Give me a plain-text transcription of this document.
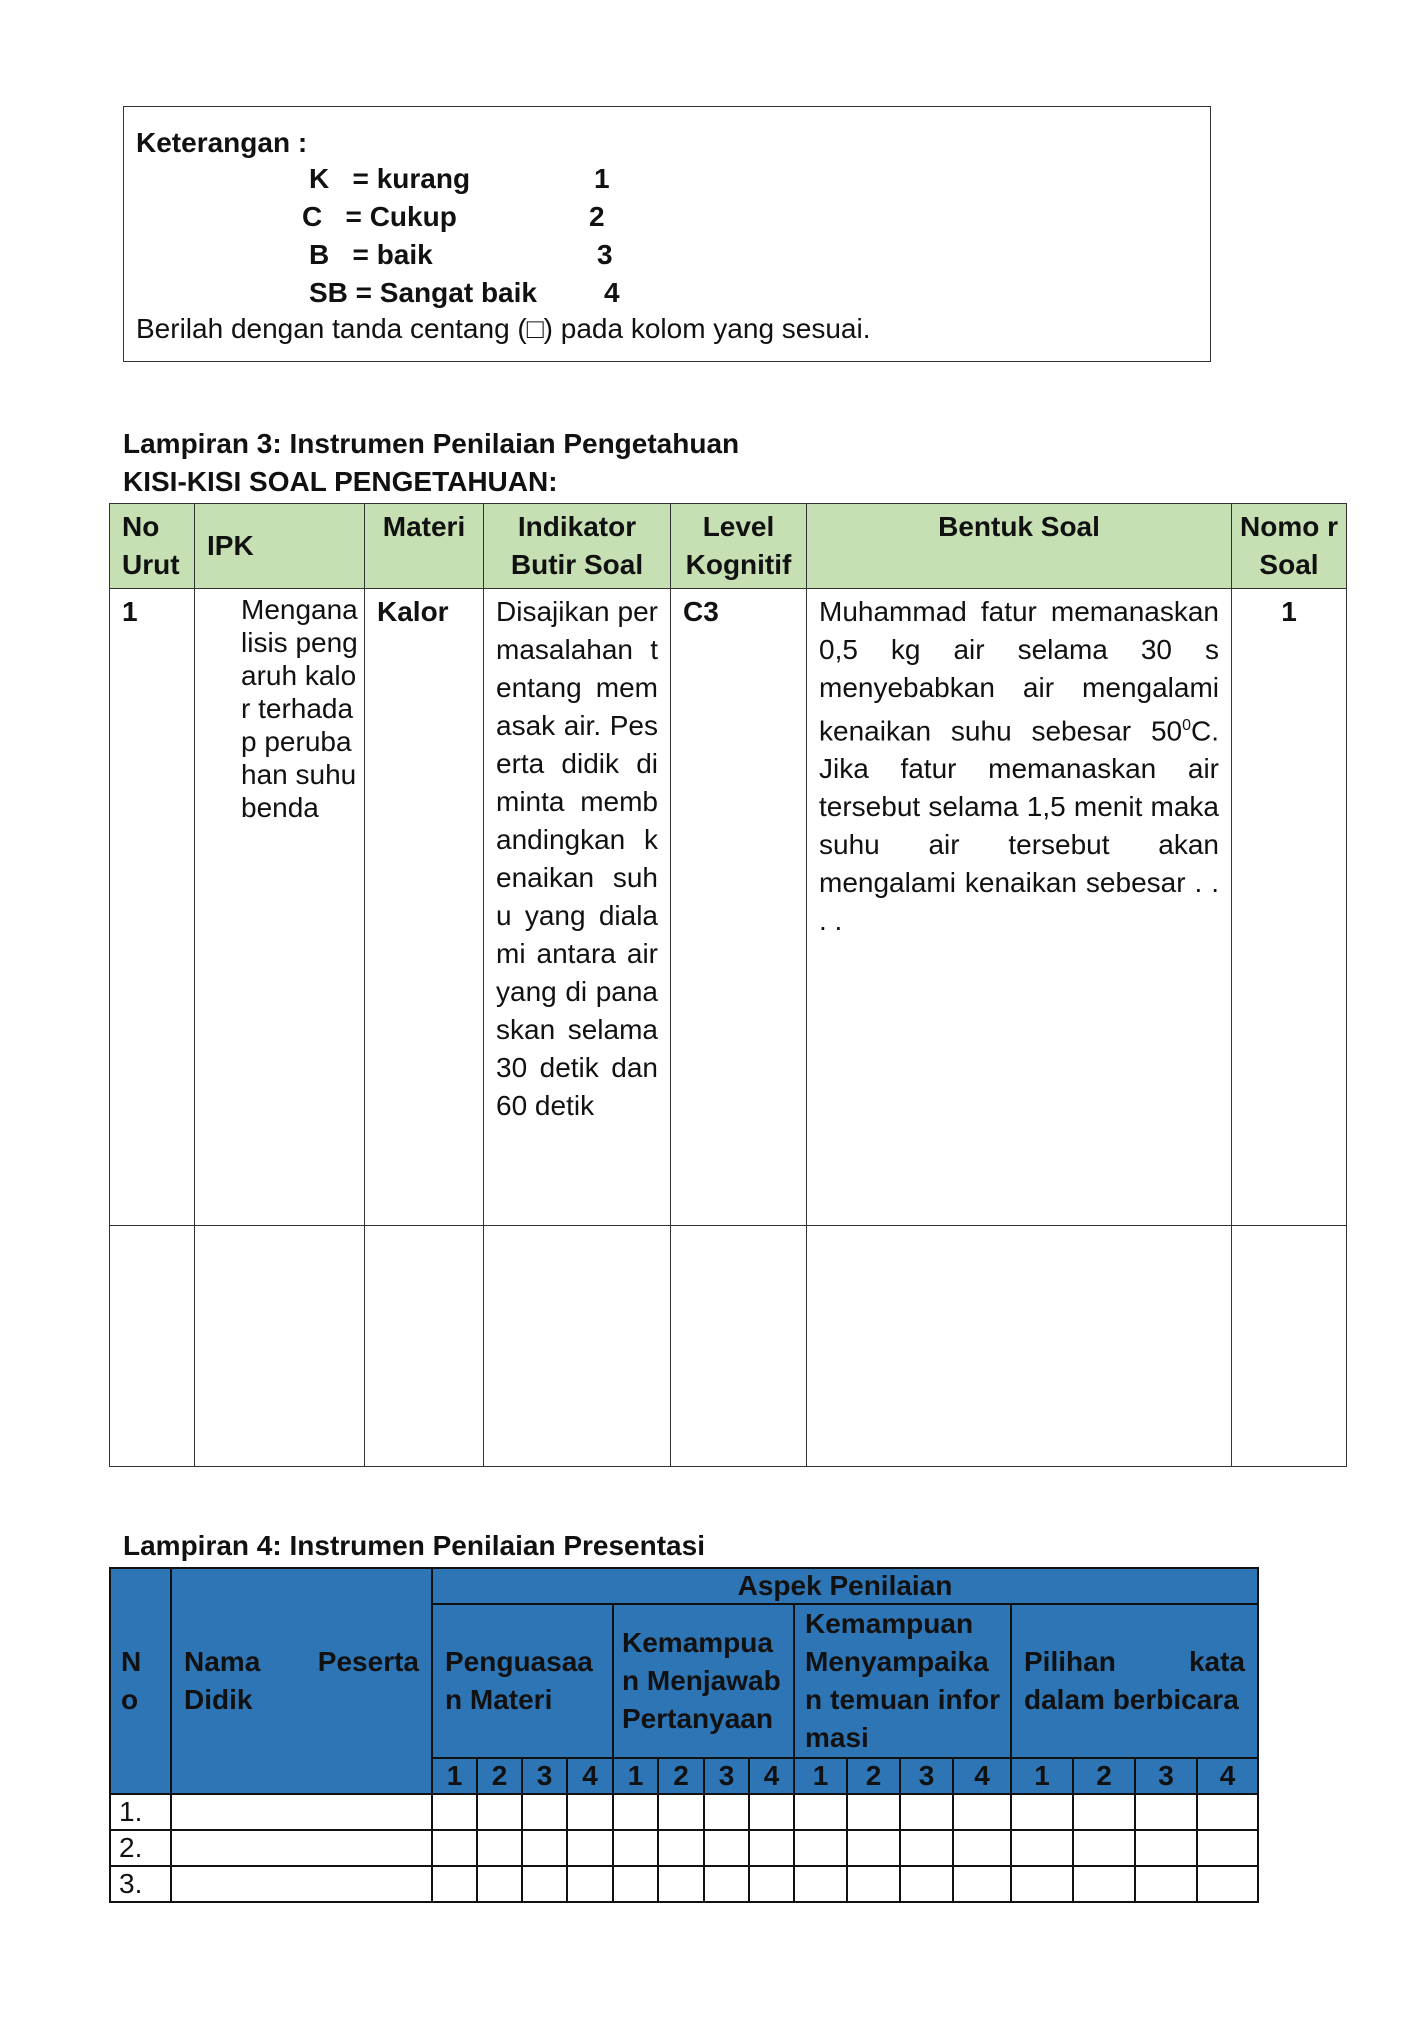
Keterangan :
K   = kurang	1
C   = Cukup	2
B   = baik	3
SB = Sangat baik 4
Berilah dengan tanda centang (□) pada kolom yang sesuai.
Lampiran 3: Instrumen Penilaian Pengetahuan
KISI-KISI SOAL PENGETAHUAN:
No Urut	IPK	Materi	Indikator Butir Soal	Level Kognitif	Bentuk Soal	Nomo r Soal

1	Menganalisis pengaruh kalor terhadap perubahan suhu benda	Kalor	Disajikan permasalahan tentang memasak air. Peserta didik diminta membandingkan kenaikan suhu yang dialami antara air yang di panaskan selama 30 detik dan 60 detik	C3	Muhammad fatur memanaskan 0,5 kg air selama 30 s menyebabkan air mengalami kenaikan suhu sebesar $50^0C$. Jika fatur memanaskan air tersebut selama 1,5 menit maka suhu air tersebut akan mengalami kenaikan sebesar . . . .	1

Lampiran 4: Instrumen Penilaian Presentasi
No	Nama Peserta Didik	Aspek Penilaian															

		Penguasaan Materi				Kemampuan Menjawab Pertanyaan				Kemampuan Menyampaikan temuan informasi				Pilihan kata dalam berbicara			

		1	2	3	4	1	2	3	4	1	2	3	4	1	2	3	4
1.																	
2.																	
3.																	
